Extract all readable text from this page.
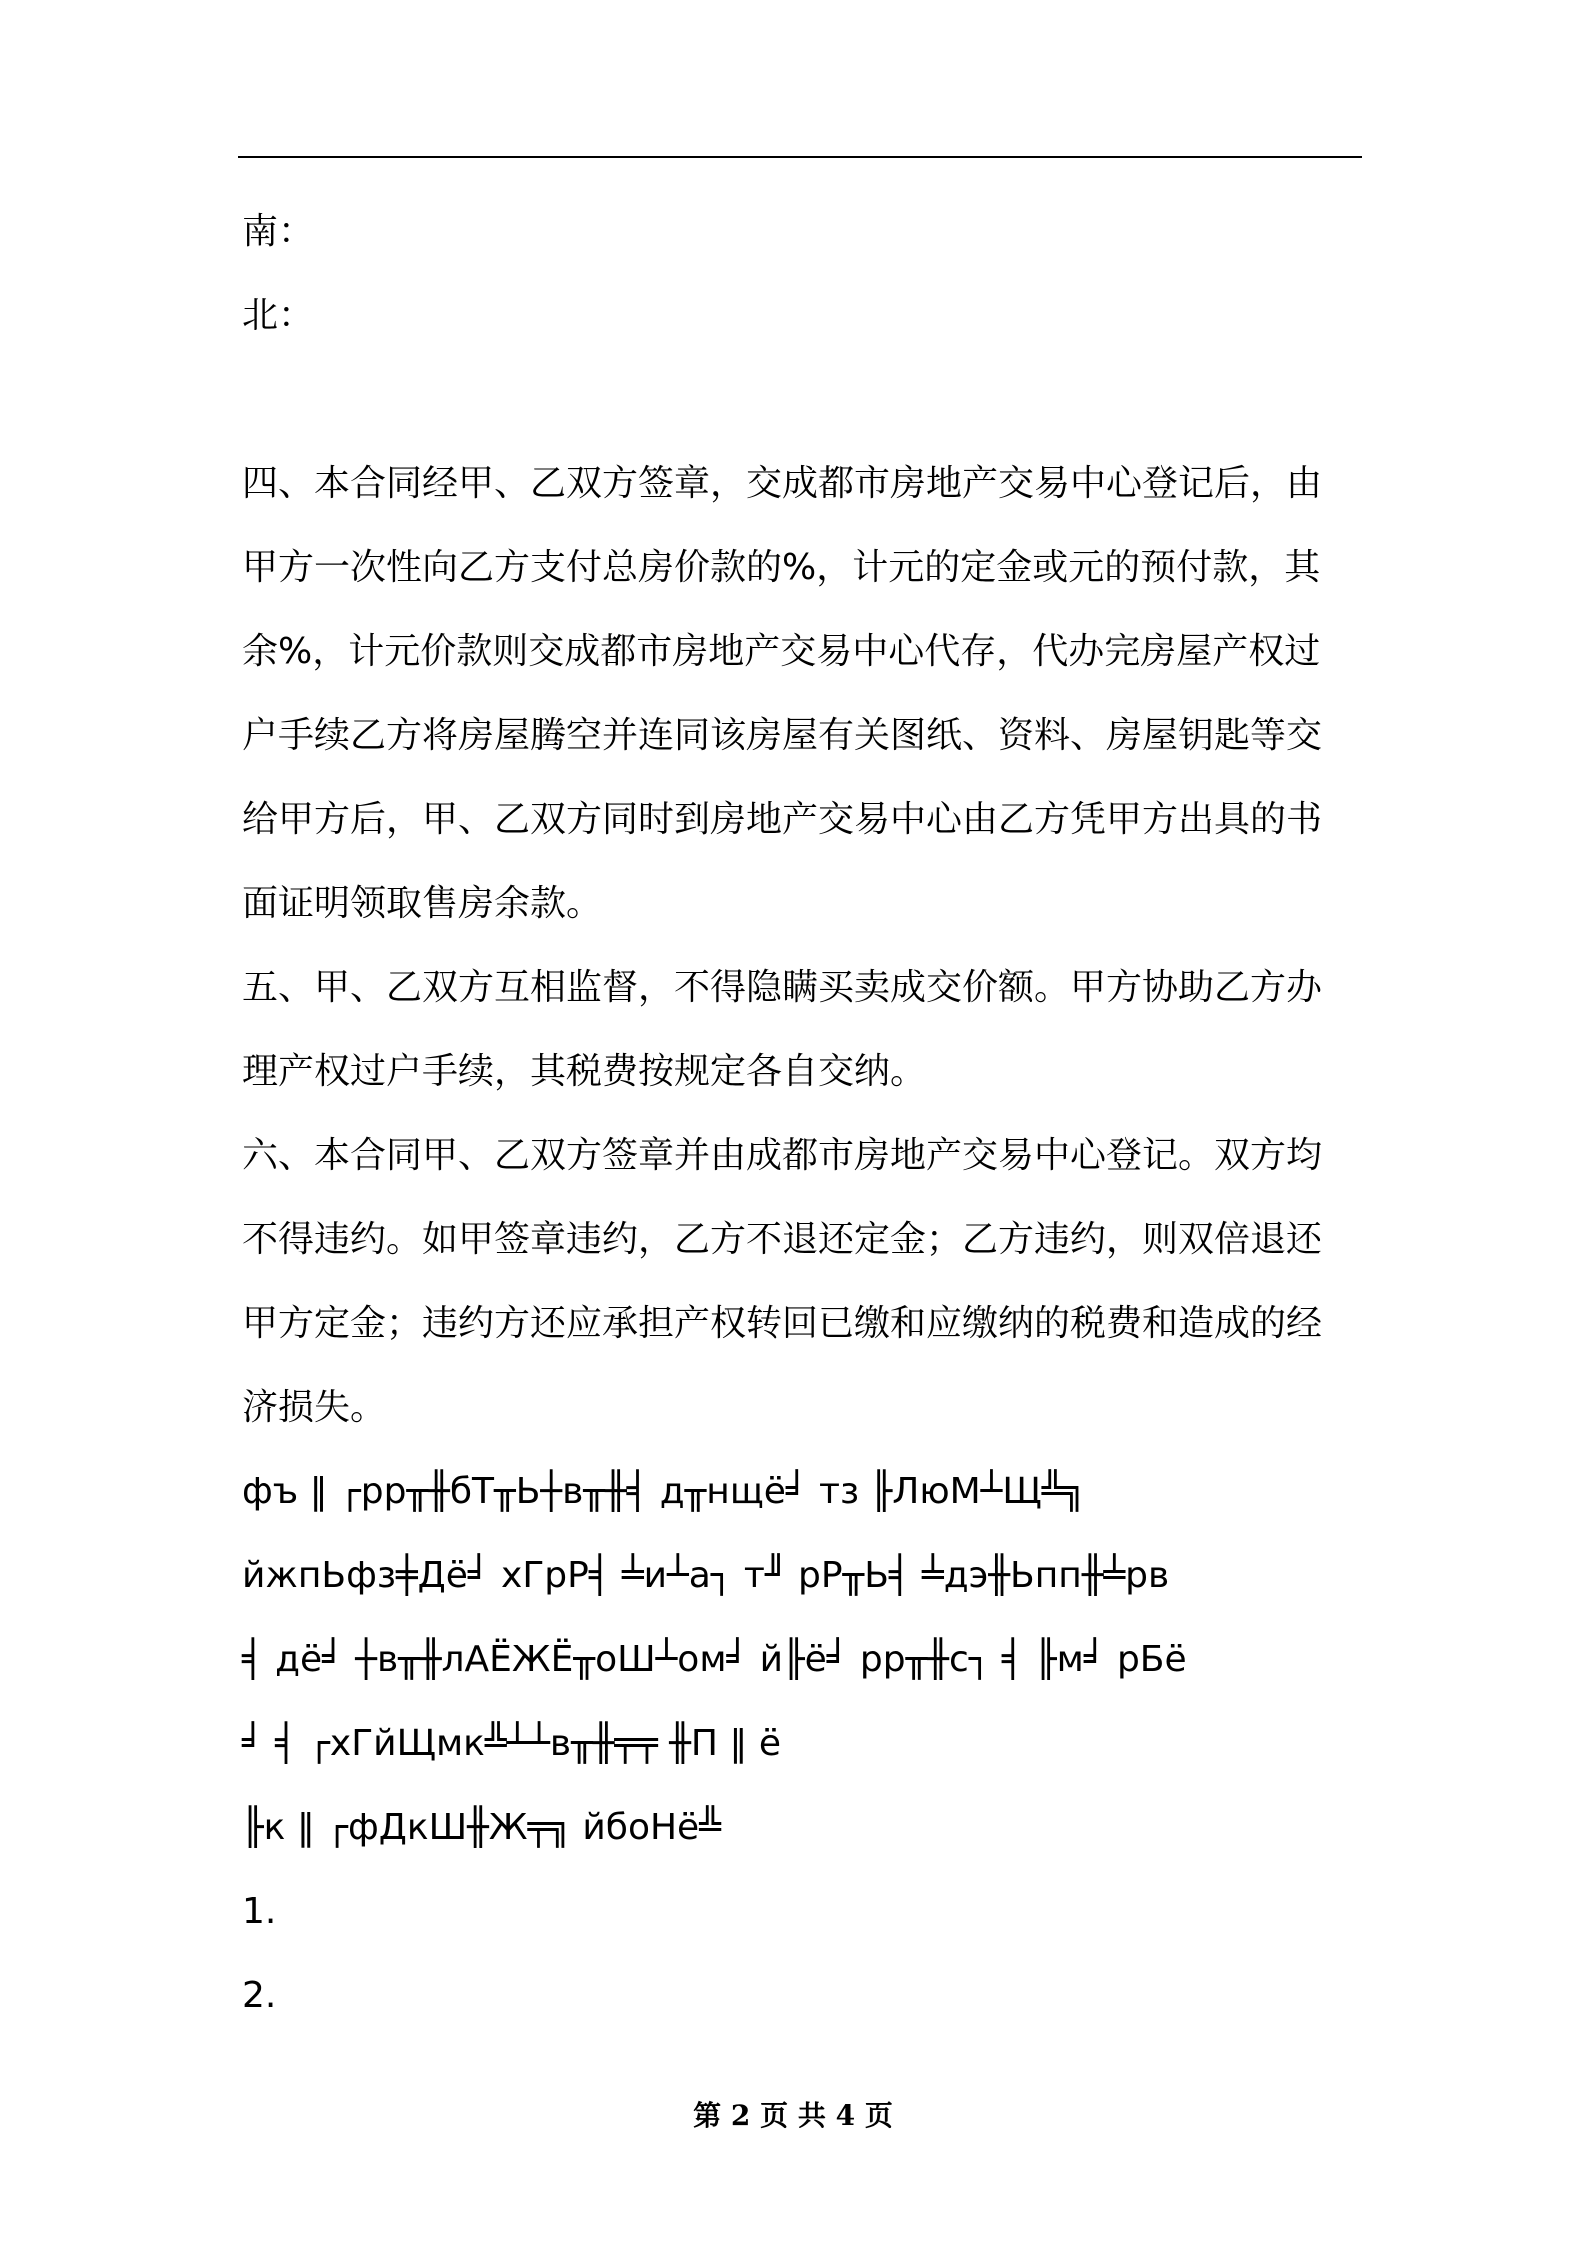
南：
北：
四、本合同经甲、乙双方签章，交成都市房地产交易中心登记后，由
甲方一次性向乙方支付总房价款的%，计元的定金或元的预付款，其
余%，计元价款则交成都市房地产交易中心代存，代办完房屋产权过
户手续乙方将房屋腾空并连同该房屋有关图纸、资料、房屋钥匙等交
给甲方后，甲、乙双方同时到房地产交易中心由乙方凭甲方出具的书
面证明领取售房余款。
五、甲、乙双方互相监督，不得隐瞒买卖成交价额。甲方协助乙方办
理产权过户手续，其税费按规定各自交纳。
六、本合同甲、乙双方签章并由成都市房地产交易中心登记。双方均
不得违约。如甲签章违约，乙方不退还定金；乙方违约，则双倍退还
甲方定金；违约方还应承担产权转回已缴和应缴纳的税费和造成的经
济损失。
фъ ‖ ┌рр╥╫бТ╥Ь┼в╥╫╡ д╥нщё╛ тз ╟ЛюМ┴Щ╩╗
йжпЬфз╪Дё╛ хГрР╡ ╧и┴а┐ т╜ рР╥Ь╡ ╧дэ╫Ьпп╫╧рв
╡ дё╛ ┼в╥╫лАЁЖЁ╥оШ┴ом╛ й╟ё╛ рр╥╫с┐ ╡ ╟м╛ рБё
╛ ╡ ┌хГйЩмк╩┴┴в╥╫╤╤ ╫П ‖ ё
╟к ‖ ┌фДкШ╫Ж╤╗ йбоНё╩
1.
2.
第 2 页 共 4 页
